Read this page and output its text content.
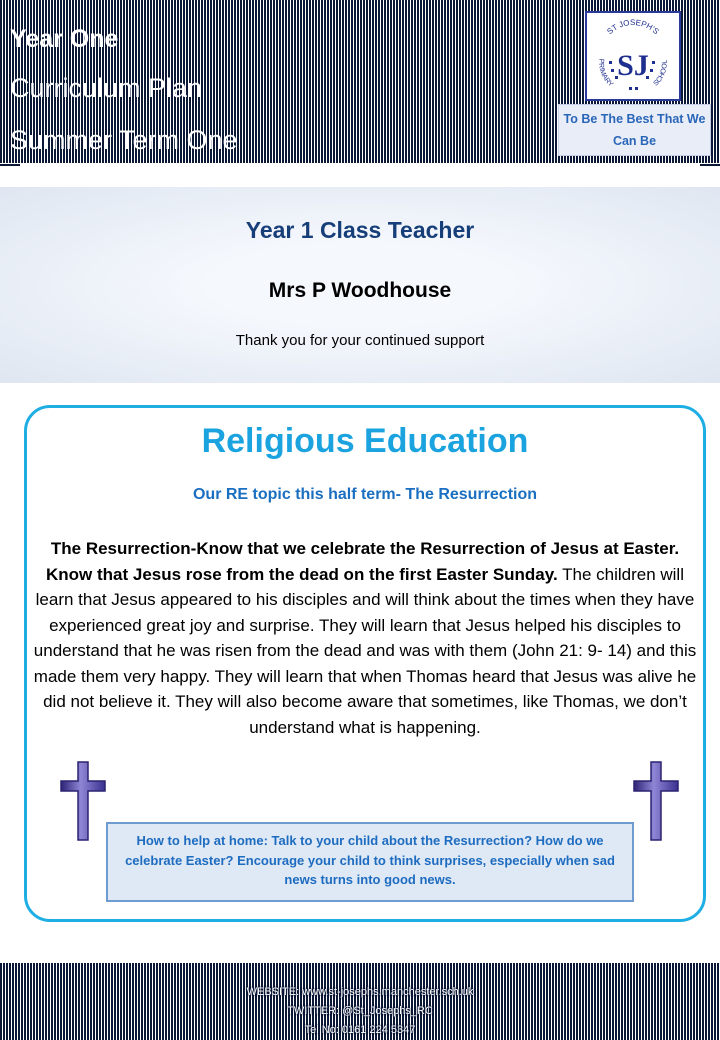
Year One
Curriculum Plan
Summer Term One
ST JOSEPH'S
PRIMARY	SCHOOL
SJ
To Be The Best That We Can Be
Year 1 Class Teacher
Mrs P Woodhouse
Thank you for your continued support
Religious Education
Our RE topic this half term- The Resurrection
The Resurrection-Know that we celebrate the Resurrection of Jesus at Easter. Know that Jesus rose from the dead on the first Easter Sunday. The children will learn that Jesus appeared to his disciples and will think about the times when they have experienced great joy and surprise. They will learn that Jesus helped his disciples to understand that he was risen from the dead and was with them (John 21: 9- 14) and this made them very happy. They will learn that when Thomas heard that Jesus was alive he did not believe it. They will also become aware that sometimes, like Thomas, we don’t understand what is happening.
How to help at home: Talk to your child about the Resurrection? How do we celebrate Easter? Encourage your child to think surprises, especially when sad news turns into good news.
WEBSITE: www.st-josephs.manchester.sch.uk
TWITTER: @St_Josephs_RC
Tel No: 0161 224 5347
